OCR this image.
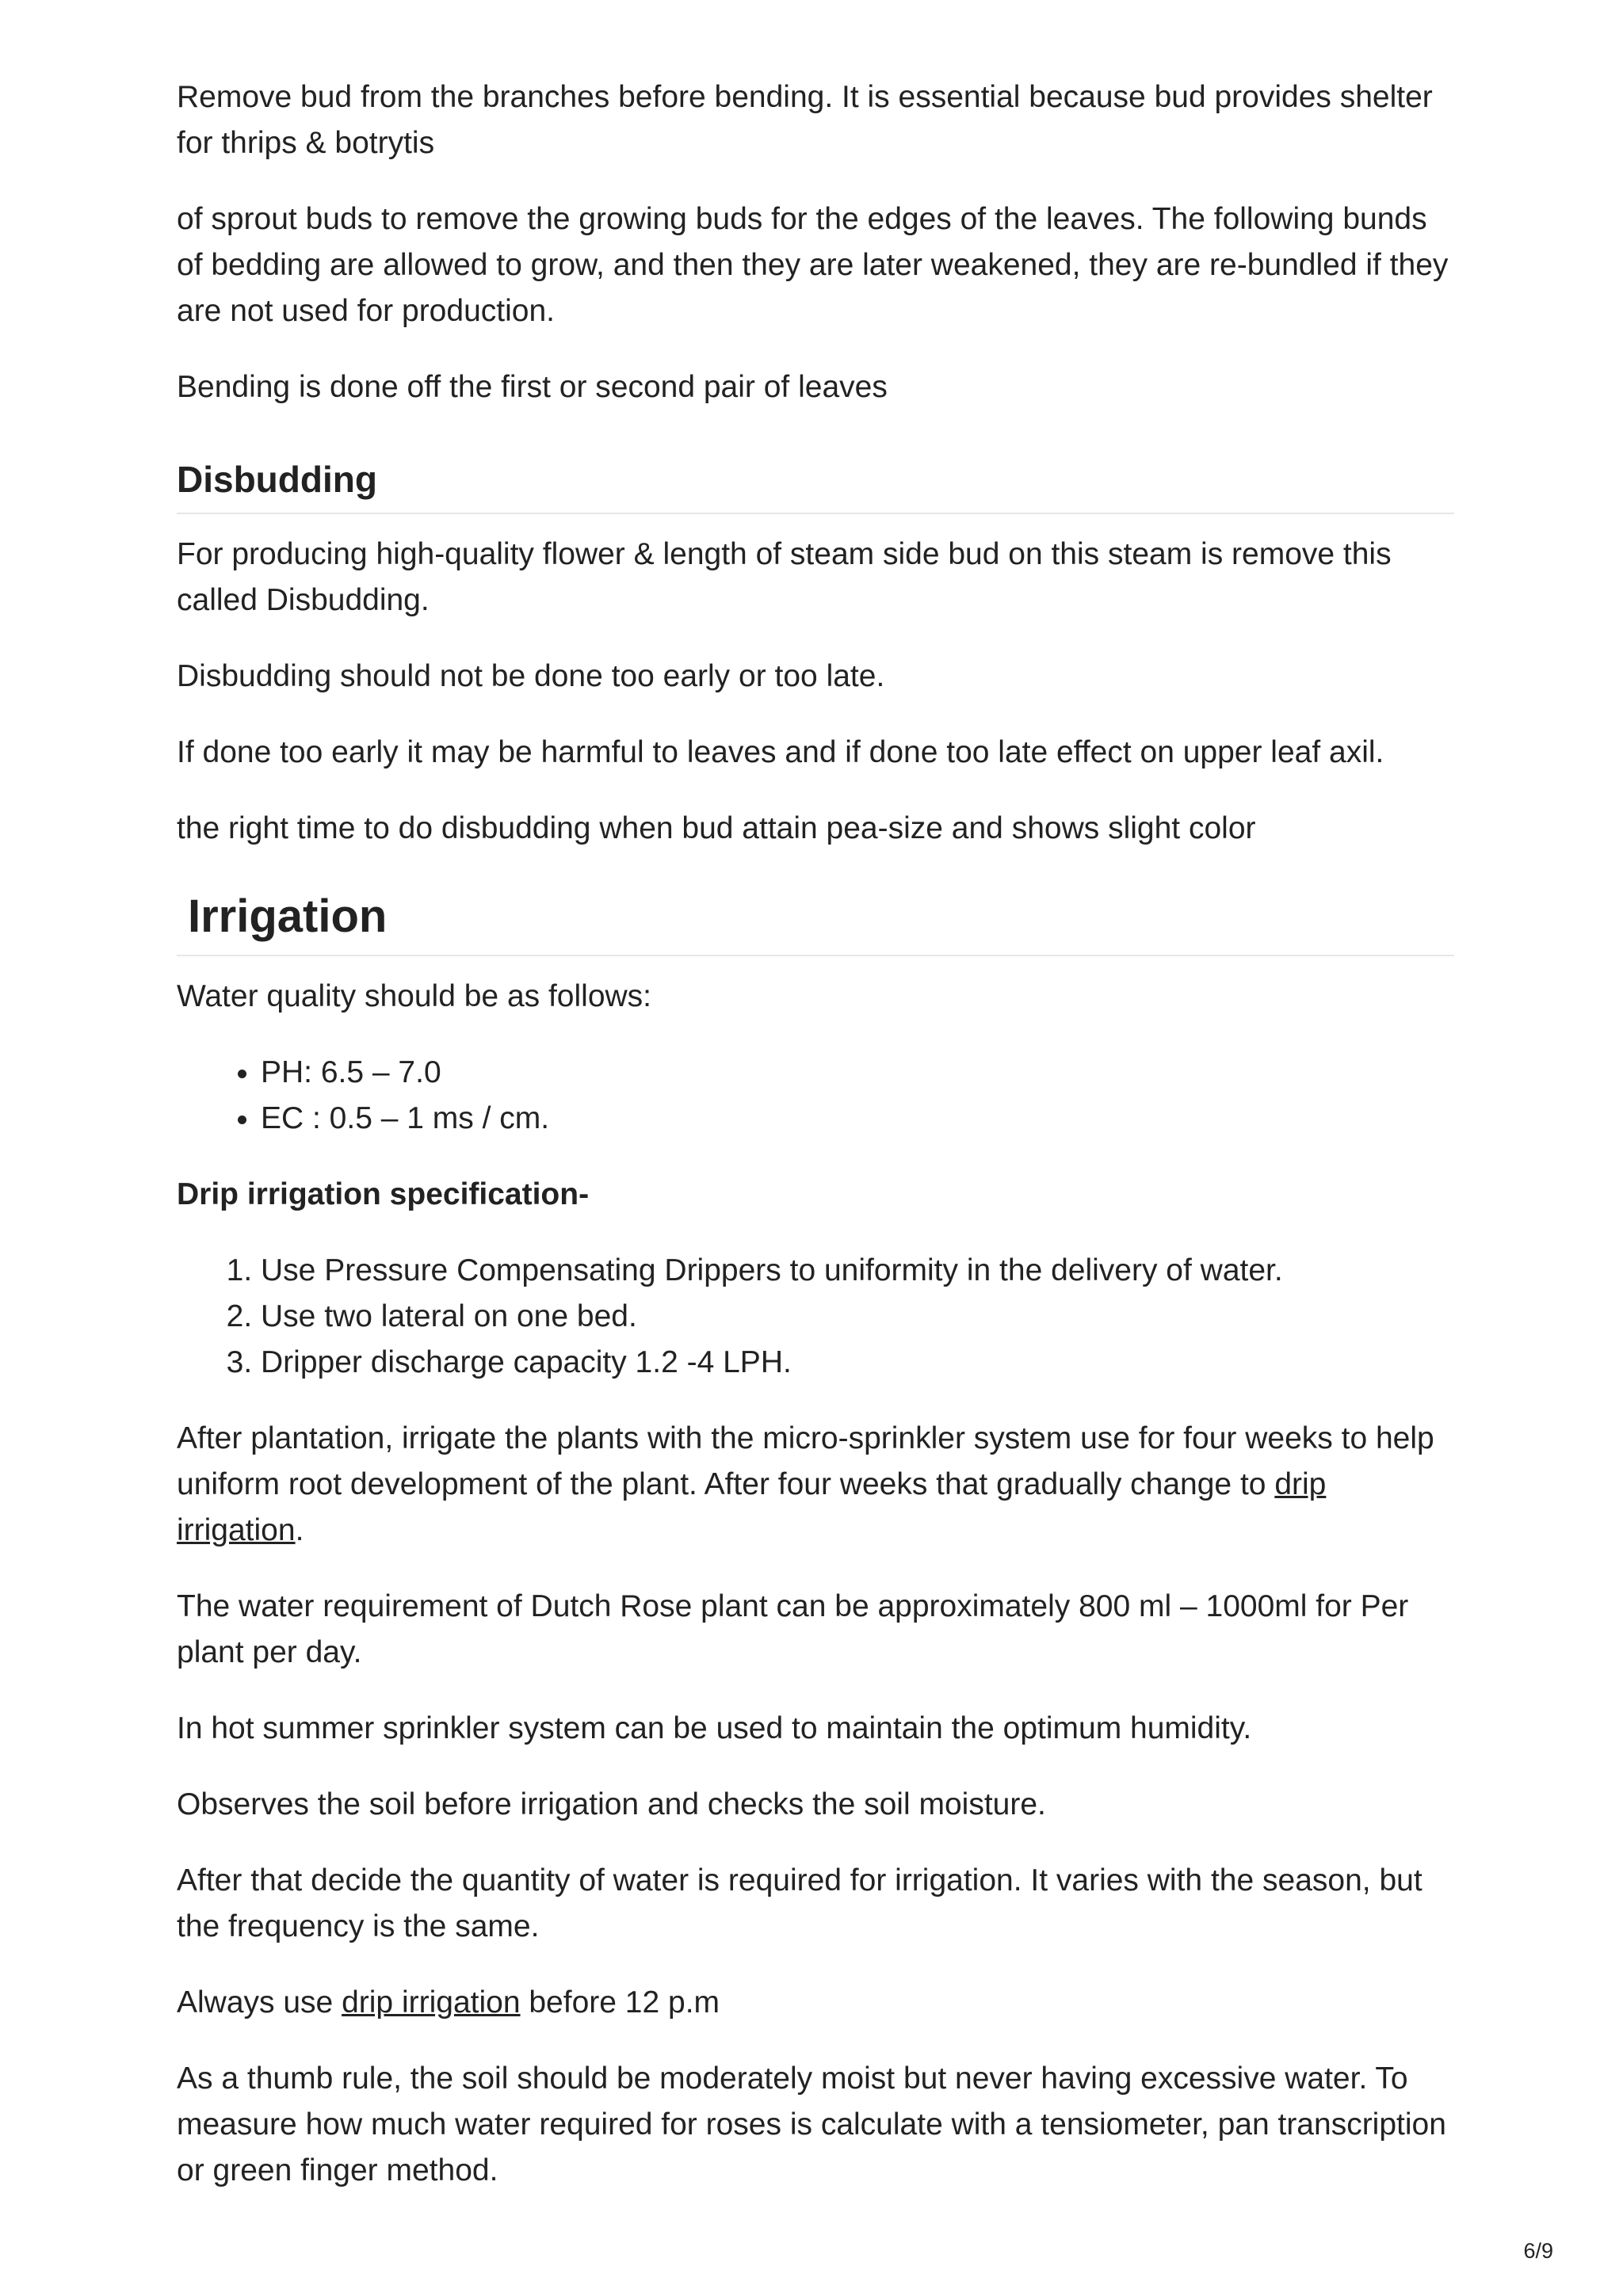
Remove bud from the branches before bending. It is essential because bud provides shelter for thrips & botrytis

of sprout buds to remove the growing buds for the edges of the leaves. The following bunds of bedding are allowed to grow, and then they are later weakened, they are re-bundled if they are not used for production.

Bending is done off the first or second pair of leaves

Disbudding

For producing high-quality flower & length of steam side bud on this steam is remove this called Disbudding.

Disbudding should not be done too early or too late.

If done too early it may be harmful to leaves and if done too late effect on upper leaf axil.

the right time to do disbudding when bud attain pea-size and shows slight color

Irrigation

Water quality should be as follows:

• PH: 6.5 – 7.0
• EC : 0.5 – 1 ms / cm.

Drip irrigation specification-

1. Use Pressure Compensating Drippers to uniformity in the delivery of water.
2. Use two lateral on one bed.
3. Dripper discharge capacity 1.2 -4 LPH.

After plantation, irrigate the plants with the micro-sprinkler system use for four weeks to help uniform root development of the plant. After four weeks that gradually change to drip irrigation.

The water requirement of Dutch Rose plant can be approximately 800 ml – 1000ml for Per plant per day.

In hot summer sprinkler system can be used to maintain the optimum humidity.

Observes the soil before irrigation and checks the soil moisture.

After that decide the quantity of water is required for irrigation. It varies with the season, but the frequency is the same.

Always use drip irrigation before 12 p.m

As a thumb rule, the soil should be moderately moist but never having excessive water. To measure how much water required for roses is calculate with a tensiometer, pan transcription or green finger method.

6/9
